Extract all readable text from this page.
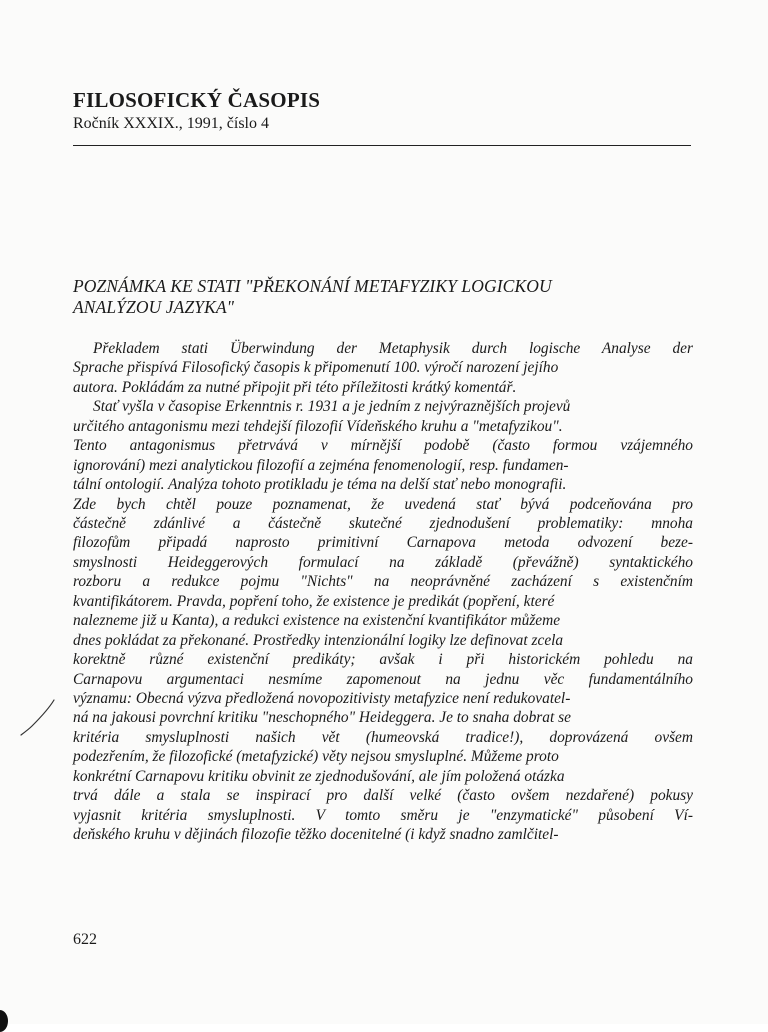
FILOSOFICKÝ ČASOPIS
Ročník XXXIX., 1991, číslo 4
POZNÁMKA KE STATI "PŘEKONÁNÍ METAFYZIKY LOGICKOU
ANALÝZOU JAZYKA"
Překladem stati Überwindung der Metaphysik durch logische Analyse der
Sprache přispívá Filosofický časopis k připomenutí 100. výročí narození jejího
autora. Pokládám za nutné připojit při této příležitosti krátký komentář.
Stať vyšla v časopise Erkenntnis r. 1931 a je jedním z nejvýraznějších projevů
určitého antagonismu mezi tehdejší filozofií Vídeňského kruhu a "metafyzikou".
Tento antagonismus přetrvává v mírnější podobě (často formou vzájemného
ignorování) mezi analytickou filozofií a zejména fenomenologií, resp. fundamen-
tální ontologií. Analýza tohoto protikladu je téma na delší stať nebo monografii.
Zde bych chtěl pouze poznamenat, že uvedená stať bývá podceňována pro
částečně zdánlivé a částečně skutečné zjednodušení problematiky: mnoha
filozofům připadá naprosto primitivní Carnapova metoda odvození beze-
smyslnosti Heideggerových formulací na základě (převážně) syntaktického
rozboru a redukce pojmu "Nichts" na neoprávněné zacházení s existenčním
kvantifikátorem. Pravda, popření toho, že existence je predikát (popření, které
nalezneme již u Kanta), a redukci existence na existenční kvantifikátor můžeme
dnes pokládat za překonané. Prostředky intenzionální logiky lze definovat zcela
korektně různé existenční predikáty; avšak i při historickém pohledu na
Carnapovu argumentaci nesmíme zapomenout na jednu věc fundamentálního
významu: Obecná výzva předložená novopozitivisty metafyzice není redukovatel-
ná na jakousi povrchní kritiku "neschopného" Heideggera. Je to snaha dobrat se
kritéria smysluplnosti našich vět (humeovská tradice!), doprovázená ovšem
podezřením, že filozofické (metafyzické) věty nejsou smysluplné. Můžeme proto
konkrétní Carnapovu kritiku obvinit ze zjednodušování, ale jím položená otázka
trvá dále a stala se inspirací pro další velké (často ovšem nezdařené) pokusy
vyjasnit kritéria smysluplnosti. V tomto směru je "enzymatické" působení Ví-
deňského kruhu v dějinách filozofie těžko docenitelné (i když snadno zamlčitel-
622
